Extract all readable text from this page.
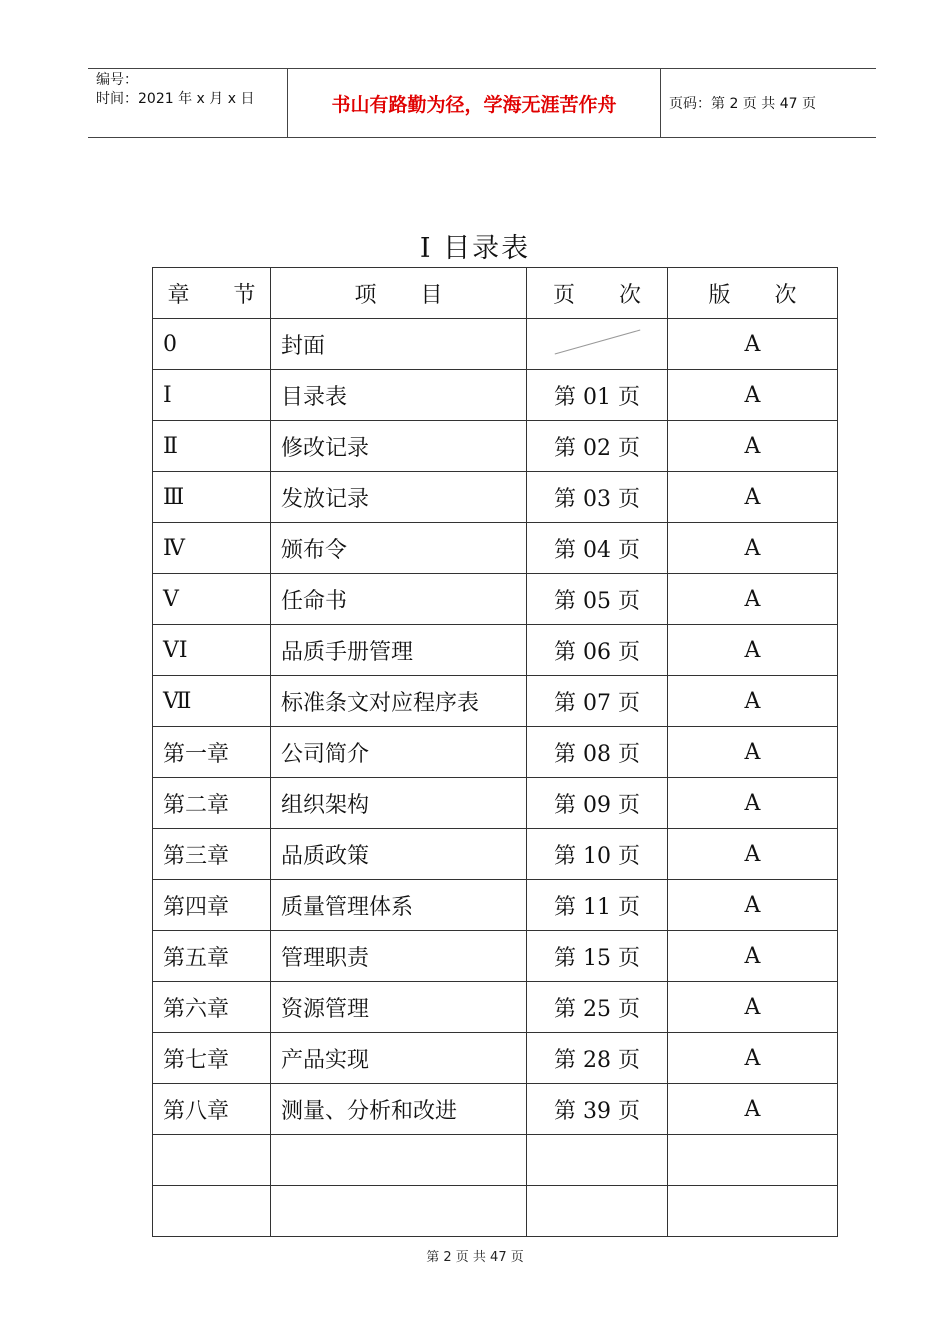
编号：
时间：2021 年 x 月 x 日	书山有路勤为径，学海无涯苦作舟	页码：第 2 页 共 47 页
Ⅰ 目录表
章　　节	项　　目	页　　次	版　　次
0	封面		A
Ⅰ	目录表	第 01 页	A
Ⅱ	修改记录	第 02 页	A
Ⅲ	发放记录	第 03 页	A
Ⅳ	颁布令	第 04 页	A
Ⅴ	任命书	第 05 页	A
VI	品质手册管理	第 06 页	A
Ⅶ	标准条文对应程序表	第 07 页	A
第一章	公司简介	第 08 页	A
第二章	组织架构	第 09 页	A
第三章	品质政策	第 10 页	A
第四章	质量管理体系	第 11 页	A
第五章	管理职责	第 15 页	A
第六章	资源管理	第 25 页	A
第七章	产品实现	第 28 页	A
第八章	测量、分析和改进	第 39 页	A

第 2 页 共 47 页
